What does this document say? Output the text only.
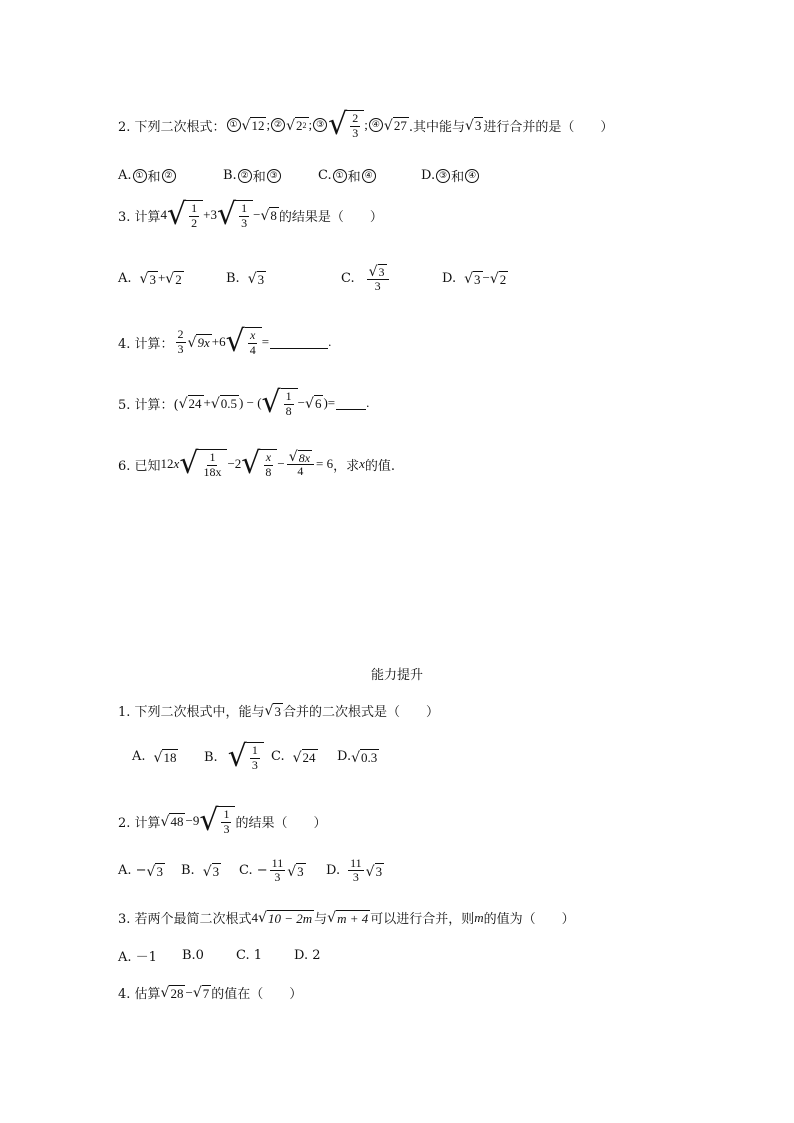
2. 下列二次根式： ① √ 12 ; ② √ 2 2 ; ③ √ $\frac{2}{3}$ ; ④ √ 27 .其中能与 √ 3 进行合并的是（　　）
A. ① 和 ②	B. ② 和 ③	C. ① 和 ④	D. ③ 和 ④
3. 计算 4 √ $\frac{1}{2} + 3$ √ $\frac{1}{3}$ − √ 8 的结果是（　　）
A. √ 3 + √ 2	B. √ 3	C. $\frac{√ 3}{3}$	D. √ 3 − √ 2
4. 计算： $\frac{2}{3}$ √ 9x + 6 √ $\frac{x}{4}$ =	.
5. 计算：( √ 24 + √ 0.5 ) − ( √ $\frac{1}{8}$ − √ 6 ) = .
6. 已知 12 x √ $\frac{1}{18x} - 2$ √ $\frac{x}{8} - \frac{√ 8x}{4} = 6$ ，求 x 的值.
能力提升
1. 下列二次根式中，能与 √ 3 合并的二次根式是（　　）
A. √ 18 B. √ $\frac{1}{3} C$. √ 24 D. √ 0.3
2. 计算 √ 48 − 9 √ $\frac{1}{3}$ 的结果（　　）
A. − √ 3 B. √ 3 C. − $\frac{11}{3}$ √ 3 D. $\frac{11}{3}$ √ 3
3. 若两个最简二次根式 4 √ 10 − 2m 与 √ m + 4 可以进行合并，则 m 的值为（　　）
A. －1	B.0	C. 1	D. 2
4. 估算 √ 28 − √ 7 的值在（　　）
